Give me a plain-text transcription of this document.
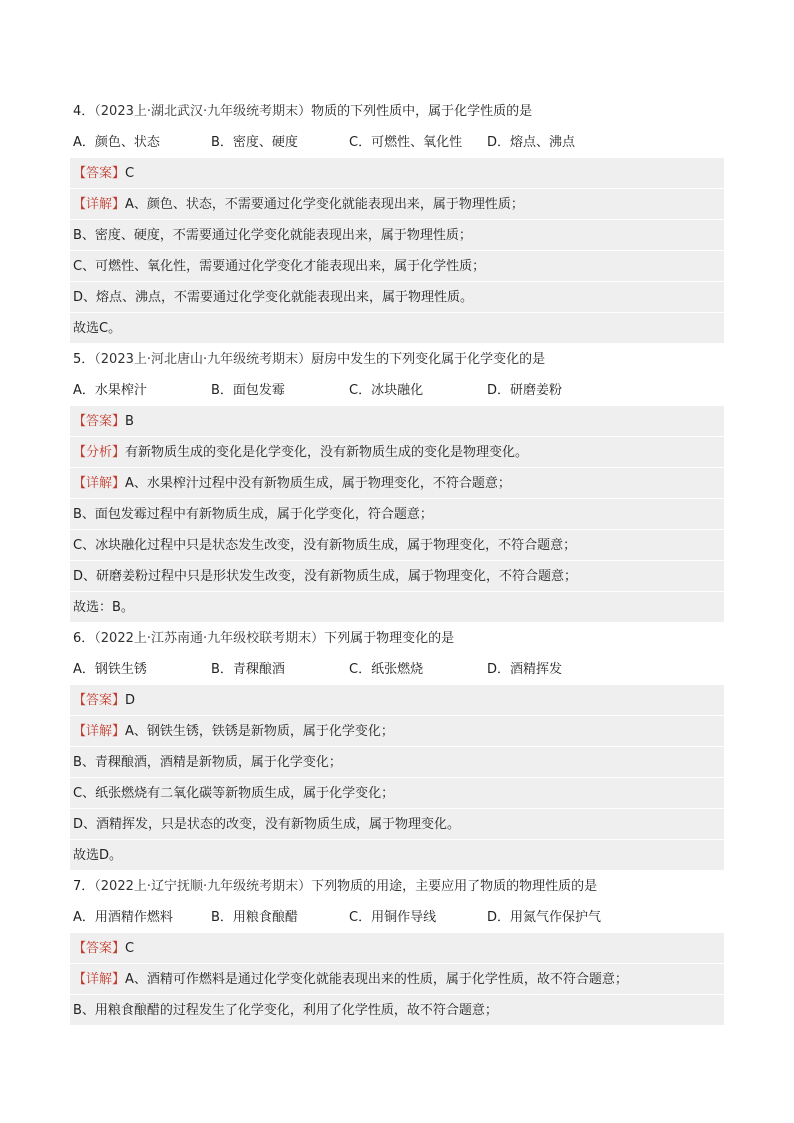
4．（2023上·湖北武汉·九年级统考期末）物质的下列性质中，属于化学性质的是
A．颜色、状态	B．密度、硬度	C．可燃性、氧化性	D．熔点、沸点
【答案】C
【详解】A、颜色、状态，不需要通过化学变化就能表现出来，属于物理性质；
B、密度、硬度，不需要通过化学变化就能表现出来，属于物理性质；
C、可燃性、氧化性，需要通过化学变化才能表现出来，属于化学性质；
D、熔点、沸点，不需要通过化学变化就能表现出来，属于物理性质。
故选C。
5．（2023上·河北唐山·九年级统考期末）厨房中发生的下列变化属于化学变化的是
A．水果榨汁	B．面包发霉	C．冰块融化	D．研磨姜粉
【答案】B
【分析】有新物质生成的变化是化学变化，没有新物质生成的变化是物理变化。
【详解】A、水果榨汁过程中没有新物质生成，属于物理变化，不符合题意；
B、面包发霉过程中有新物质生成，属于化学变化，符合题意；
C、冰块融化过程中只是状态发生改变，没有新物质生成，属于物理变化，不符合题意；
D、研磨姜粉过程中只是形状发生改变，没有新物质生成，属于物理变化，不符合题意；
故选：B。
6．（2022上·江苏南通·九年级校联考期末）下列属于物理变化的是
A．钢铁生锈	B．青稞酿酒	C．纸张燃烧	D．酒精挥发
【答案】D
【详解】A、钢铁生锈，铁锈是新物质，属于化学变化；
B、青稞酿酒，酒精是新物质，属于化学变化；
C、纸张燃烧有二氧化碳等新物质生成，属于化学变化；
D、酒精挥发，只是状态的改变，没有新物质生成，属于物理变化。
故选D。
7．（2022上·辽宁抚顺·九年级统考期末）下列物质的用途，主要应用了物质的物理性质的是
A．用酒精作燃料	B．用粮食酿醋	C．用铜作导线	D．用氮气作保护气
【答案】C
【详解】A、酒精可作燃料是通过化学变化就能表现出来的性质，属于化学性质，故不符合题意；
B、用粮食酿醋的过程发生了化学变化，利用了化学性质，故不符合题意；
